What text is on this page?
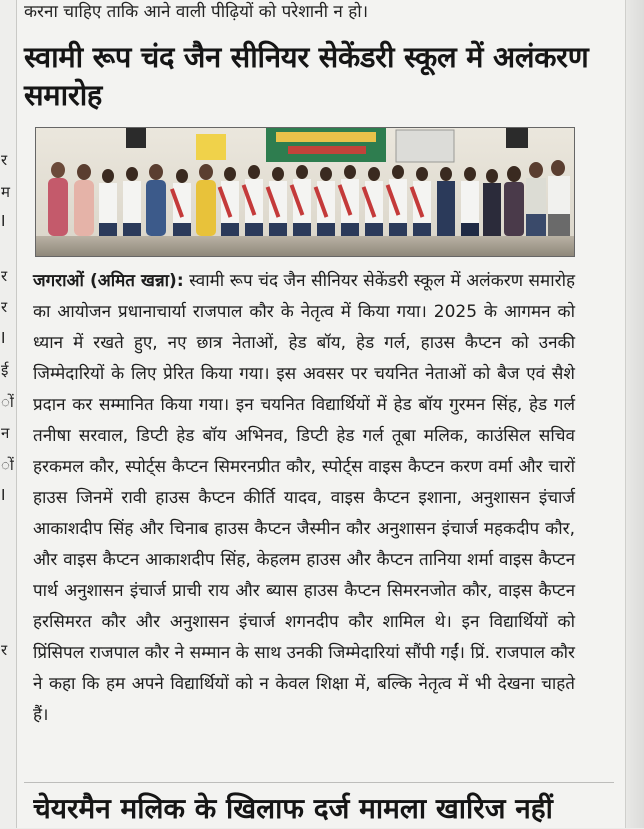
र
म
I
र
र
I
ई
ों
न
ों
I
र
करना चाहिए ताकि आने वाली पीढ़ियों को परेशानी न हो।
स्वामी रूप चंद जैन सीनियर सेकेंडरी स्कूल में अलंकरण समारोह
जगराओं (अमित खन्ना): स्वामी रूप चंद जैन सीनियर सेकेंडरी स्कूल में अलंकरण समारोह का आयोजन प्रधानाचार्या राजपाल कौर के नेतृत्व में किया गया। 2025 के आगमन को ध्यान में रखते हुए, नए छात्र नेताओं, हेड बॉय, हेड गर्ल, हाउस कैप्टन को उनकी जिम्मेदारियों के लिए प्रेरित किया गया। इस अवसर पर चयनित नेताओं को बैज एवं सैशे प्रदान कर सम्मानित किया गया। इन चयनित विद्यार्थियों में हेड बॉय गुरमन सिंह, हेड गर्ल तनीषा सरवाल, डिप्टी हेड बॉय अभिनव, डिप्टी हेड गर्ल तूबा मलिक, काउंसिल सचिव हरकमल कौर, स्पोर्ट्स कैप्टन सिमरनप्रीत कौर, स्पोर्ट्स वाइस कैप्टन करण वर्मा और चारों हाउस जिनमें रावी हाउस कैप्टन कीर्ति यादव, वाइस कैप्टन इशाना, अनुशासन इंचार्ज आकाशदीप सिंह और चिनाब हाउस कैप्टन जैस्मीन कौर अनुशासन इंचार्ज महकदीप कौर, और वाइस कैप्टन आकाशदीप सिंह, केहलम हाउस और कैप्टन तानिया शर्मा वाइस कैप्टन पार्थ अनुशासन इंचार्ज प्राची राय और ब्यास हाउस कैप्टन सिमरनजोत कौर, वाइस कैप्टन हरसिमरत कौर और अनुशासन इंचार्ज शगनदीप कौर शामिल थे। इन विद्यार्थियों को प्रिंसिपल राजपाल कौर ने सम्मान के साथ उनकी जिम्मेदारियां सौंपी गईं। प्रिं. राजपाल कौर ने कहा कि हम अपने विद्यार्थियों को न केवल शिक्षा में, बल्कि नेतृत्व में भी देखना चाहते हैं।
चेयरमैन मलिक के खिलाफ दर्ज मामला खारिज नहीं
